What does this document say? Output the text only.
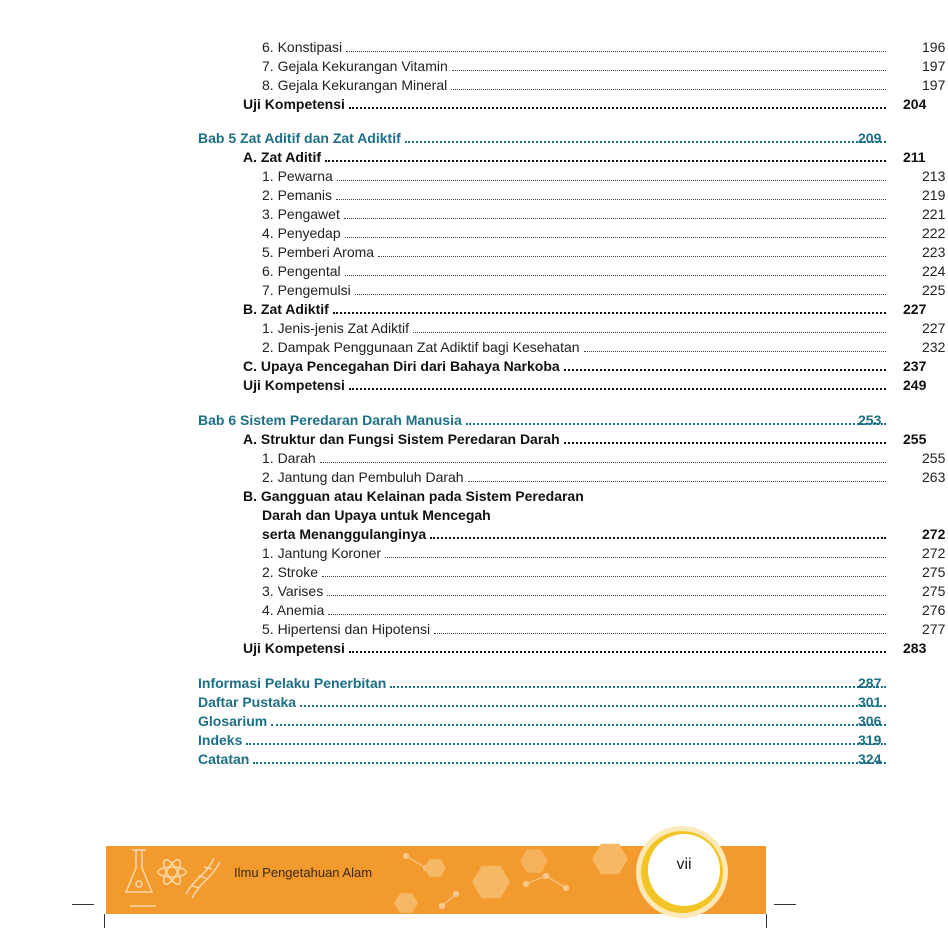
6. Konstipasi	196
7. Gejala Kekurangan Vitamin	197
8. Gejala Kekurangan Mineral	197
Uji Kompetensi	204
Bab 5 Zat Aditif dan Zat Adiktif	209
A. Zat Aditif	211
1. Pewarna	213
2. Pemanis	219
3. Pengawet	221
4. Penyedap	222
5. Pemberi Aroma	223
6. Pengental	224
7. Pengemulsi	225
B. Zat Adiktif	227
1. Jenis-jenis Zat Adiktif	227
2. Dampak Penggunaan Zat Adiktif bagi Kesehatan	232
C. Upaya Pencegahan Diri dari Bahaya Narkoba	237
Uji Kompetensi	249
Bab 6 Sistem Peredaran Darah Manusia	253
A. Struktur dan Fungsi Sistem Peredaran Darah	255
1. Darah	255
2. Jantung dan Pembuluh Darah	263
B. Gangguan atau Kelainan pada Sistem Peredaran
Darah dan Upaya untuk Mencegah
serta Menanggulanginya	272
1. Jantung Koroner	272
2. Stroke	275
3. Varises	275
4. Anemia	276
5. Hipertensi dan Hipotensi	277
Uji Kompetensi	283
Informasi Pelaku Penerbitan	287
Daftar Pustaka	301
Glosarium	306
Indeks	319
Catatan	324
Ilmu Pengetahuan Alam	vii
